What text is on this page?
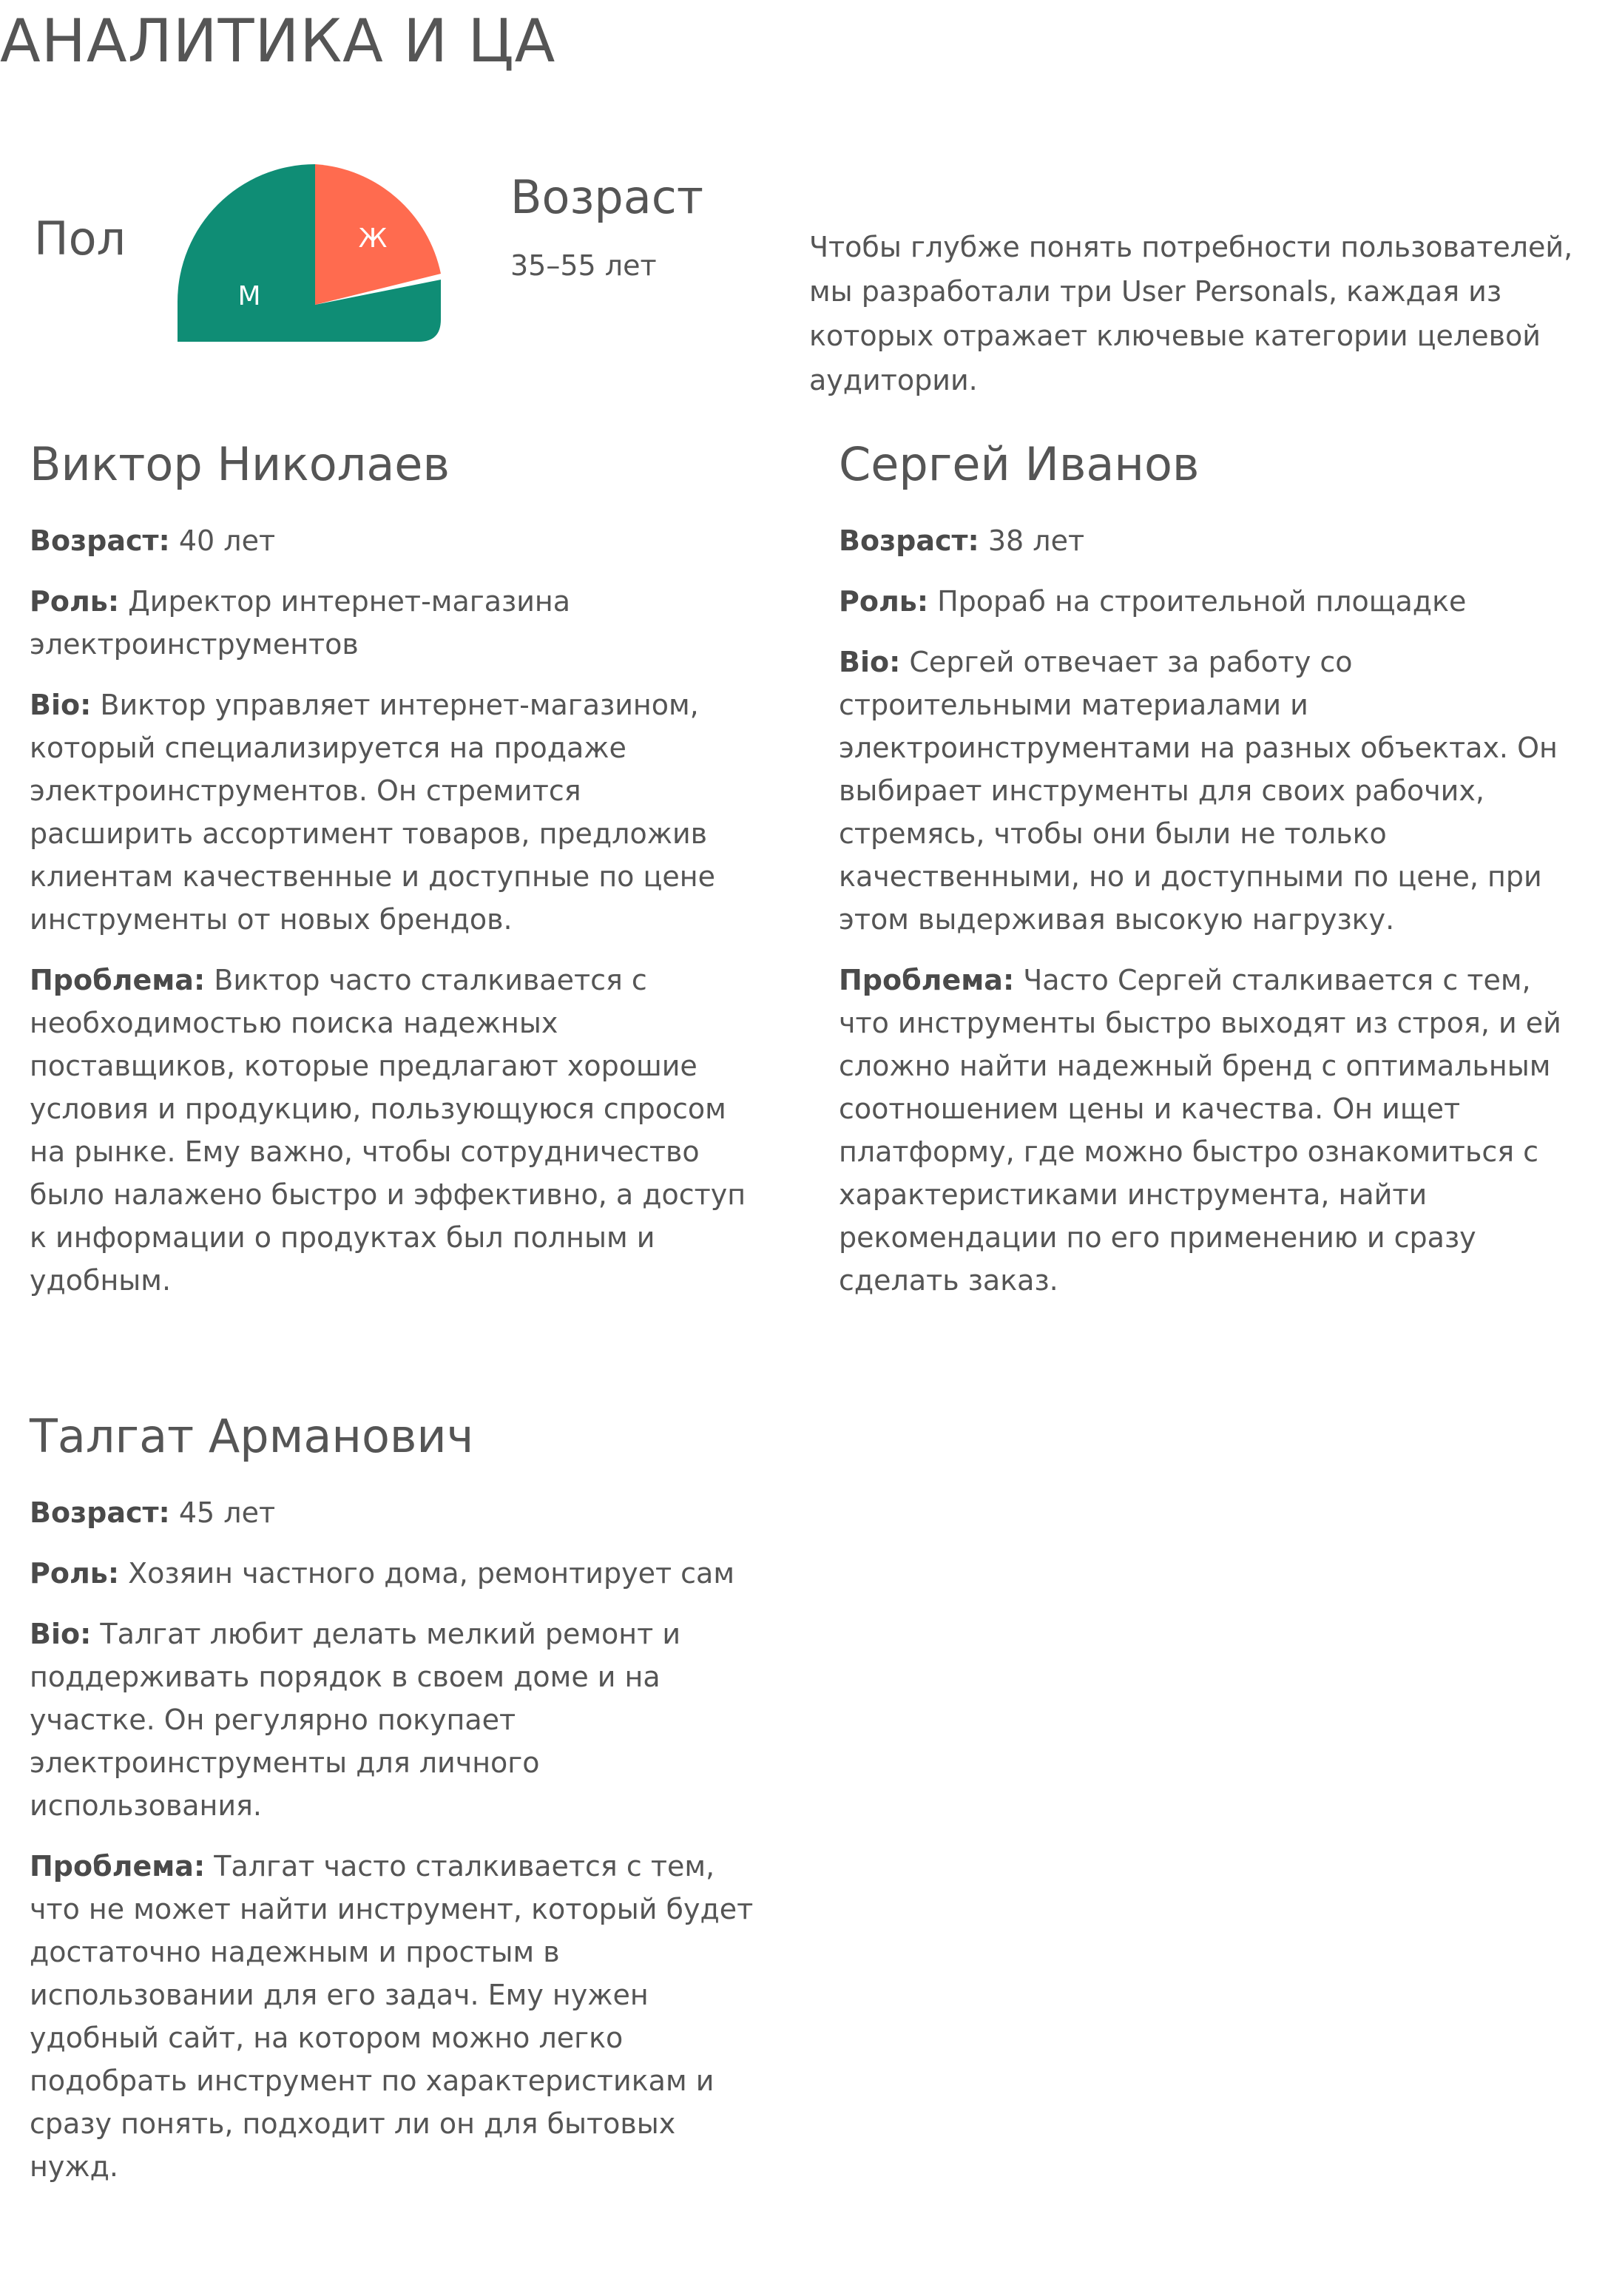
АНАЛИТИКА И ЦА
Пол	Ж
М
Возраст
35–55 лет

Чтобы глубже понять потребности пользователей, мы разработали три User Personals, каждая из которых отражает ключевые категории целевой аудитории.

Виктор Николаев

Возраст: 40 лет

Роль: Директор интернет-магазина электроинструментов

Bio: Виктор управляет интернет-магазином, который специализируется на продаже электроинструментов. Он стремится расширить ассортимент товаров, предложив клиентам качественные и доступные по цене инструменты от новых брендов.

Проблема: Виктор часто сталкивается с необходимостью поиска надежных поставщиков, которые предлагают хорошие условия и продукцию, пользующуюся спросом на рынке. Ему важно, чтобы сотрудничество было налажено быстро и эффективно, а доступ к информации о продуктах был полным и удобным.

Сергей Иванов

Возраст: 38 лет

Роль: Прораб на строительной площадке

Bio: Сергей отвечает за работу со строительными материалами и электроинструментами на разных объектах. Он выбирает инструменты для своих рабочих, стремясь, чтобы они были не только качественными, но и доступными по цене, при этом выдерживая высокую нагрузку.

Проблема: Часто Сергей сталкивается с тем, что инструменты быстро выходят из строя, и ей сложно найти надежный бренд с оптимальным соотношением цены и качества. Он ищет платформу, где можно быстро ознакомиться с характеристиками инструмента, найти рекомендации по его применению и сразу сделать заказ.

Талгат Арманович

Возраст: 45 лет

Роль: Хозяин частного дома, ремонтирует сам

Bio: Талгат любит делать мелкий ремонт и поддерживать порядок в своем доме и на участке. Он регулярно покупает электроинструменты для личного использования.

Проблема: Талгат часто сталкивается с тем, что не может найти инструмент, который будет достаточно надежным и простым в использовании для его задач. Ему нужен удобный сайт, на котором можно легко подобрать инструмент по характеристикам и сразу понять, подходит ли он для бытовых нужд.
